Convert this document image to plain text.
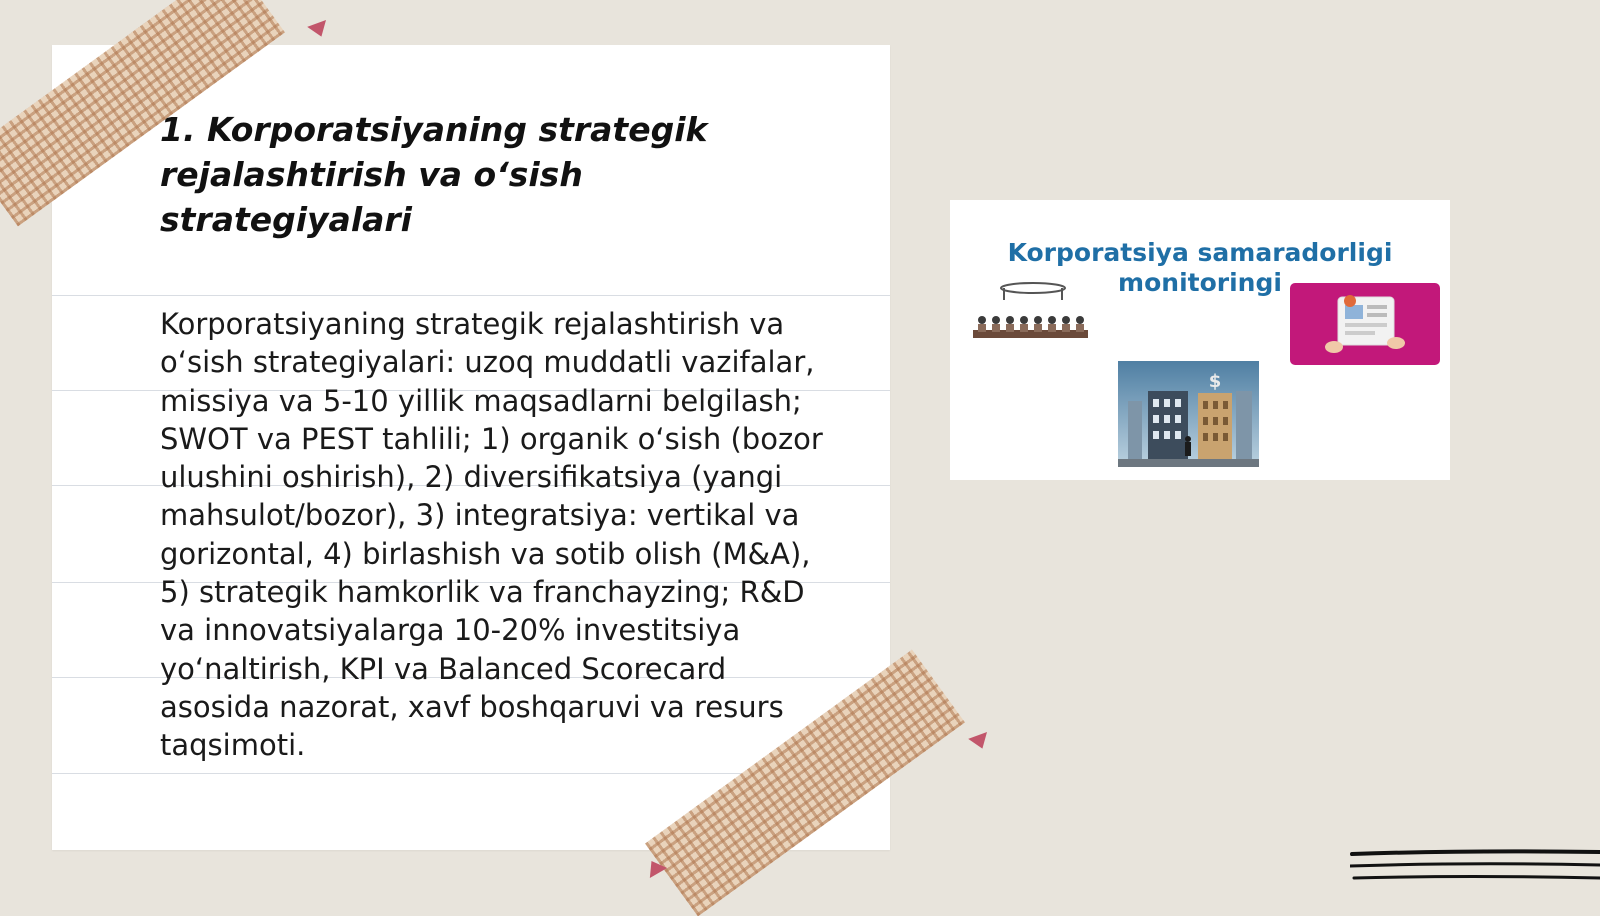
1. Korporatsiyaning strategik rejalashtirish va o‘sish strategiyalari

Korporatsiyaning strategik rejalashtirish va o‘sish strategiyalari: uzoq muddatli vazifalar, missiya va 5-10 yillik maqsadlarni belgilash; SWOT va PEST tahlili; 1) organik o‘sish (bozor ulushini oshirish), 2) diversifikatsiya (yangi mahsulot/bozor), 3) integratsiya: vertikal va gorizontal, 4) birlashish va sotib olish (M&A), 5) strategik hamkorlik va franchayzing; R&D va innovatsiyalarga 10-20% investitsiya yo‘naltirish, KPI va Balanced Scorecard asosida nazorat, xavf boshqaruvi va resurs taqsimoti.

Korporatsiya samaradorligi monitoringi

$
